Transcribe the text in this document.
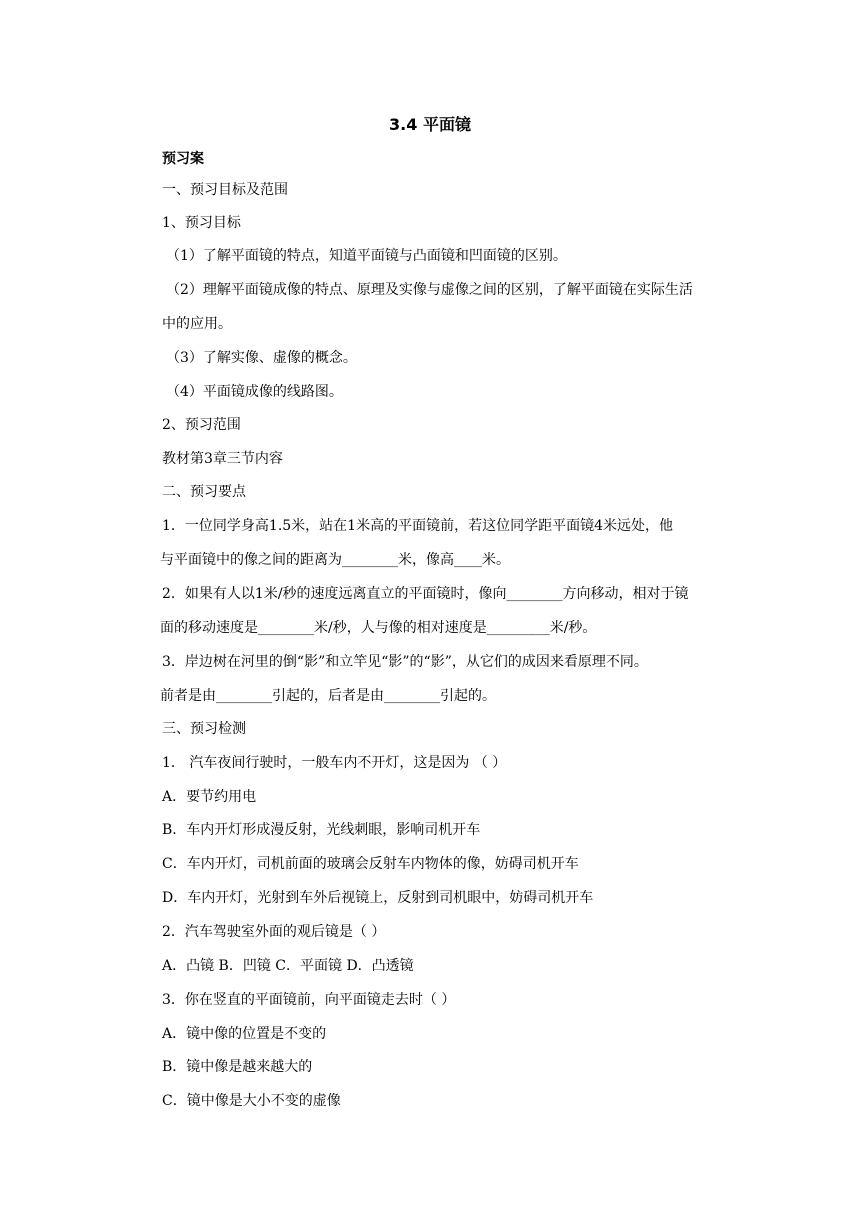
3.4 平面镜
预习案
一、预习目标及范围
1、预习目标
（1）了解平面镜的特点，知道平面镜与凸面镜和凹面镜的区别。
（2）理解平面镜成像的特点、原理及实像与虚像之间的区别，了解平面镜在实际生活
中的应用。
（3）了解实像、虚像的概念。
（4）平面镜成像的线路图。
2、预习范围
教材第3章三节内容
二、预习要点
1．一位同学身高1.5米，站在1米高的平面镜前，若这位同学距平面镜4米远处，他
与平面镜中的像之间的距离为________米，像高____米。
2．如果有人以1米/秒的速度远离直立的平面镜时，像向________方向移动，相对于镜
面的移动速度是________米/秒，人与像的相对速度是_________米/秒。
3．岸边树在河里的倒“影”和立竿见“影”的“影”，从它们的成因来看原理不同。
前者是由________引起的，后者是由________引起的。
三、预习检测
1． 汽车夜间行驶时，一般车内不开灯，这是因为 （ ）
A．要节约用电
B．车内开灯形成漫反射，光线刺眼，影响司机开车
C．车内开灯，司机前面的玻璃会反射车内物体的像，妨碍司机开车
D．车内开灯，光射到车外后视镜上，反射到司机眼中，妨碍司机开车
2．汽车驾驶室外面的观后镜是（ ）
A．凸镜 B．凹镜 C．平面镜 D．凸透镜
3．你在竖直的平面镜前，向平面镜走去时（ ）
A．镜中像的位置是不变的
B．镜中像是越来越大的
C．镜中像是大小不变的虚像
